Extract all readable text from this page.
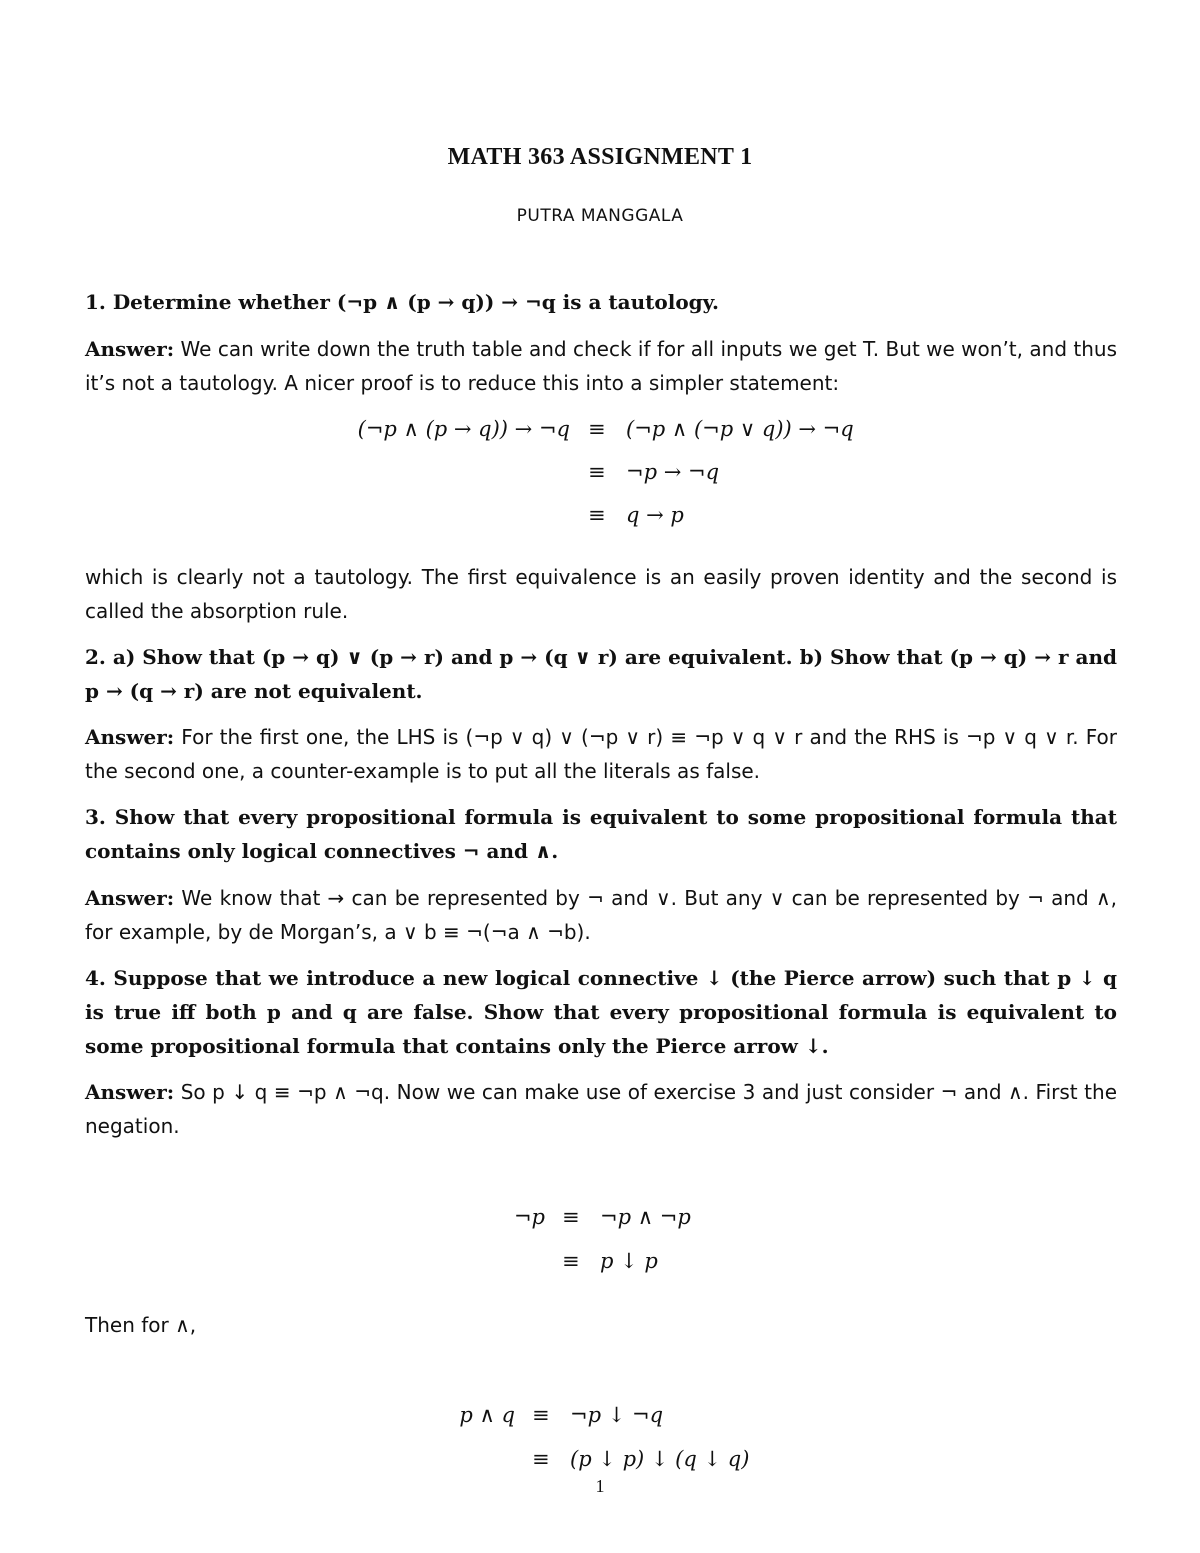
MATH 363 ASSIGNMENT 1
PUTRA MANGGALA
1. Determine whether (¬p ∧ (p → q)) → ¬q is a tautology.
Answer: We can write down the truth table and check if for all inputs we get T. But we won’t, and thus it’s not a tautology. A nicer proof is to reduce this into a simpler statement:
(¬p ∧ (p → q)) → ¬q ≡ (¬p ∧ (¬p ∨ q)) → ¬q
≡ ¬p → ¬q
≡ q → p
which is clearly not a tautology. The first equivalence is an easily proven identity and the second is called the absorption rule.
2. a) Show that (p → q) ∨ (p → r) and p → (q ∨ r) are equivalent. b) Show that (p → q) → r and p → (q → r) are not equivalent.
Answer: For the first one, the LHS is (¬p ∨ q) ∨ (¬p ∨ r) ≡ ¬p ∨ q ∨ r and the RHS is ¬p ∨ q ∨ r. For the second one, a counter-example is to put all the literals as false.
3. Show that every propositional formula is equivalent to some propositional formula that contains only logical connectives ¬ and ∧.
Answer: We know that → can be represented by ¬ and ∨. But any ∨ can be represented by ¬ and ∧, for example, by de Morgan’s, a ∨ b ≡ ¬(¬a ∧ ¬b).
4. Suppose that we introduce a new logical connective ↓ (the Pierce arrow) such that p ↓ q is true iff both p and q are false. Show that every propositional formula is equivalent to some propositional formula that contains only the Pierce arrow ↓.
Answer: So p ↓ q ≡ ¬p ∧ ¬q. Now we can make use of exercise 3 and just consider ¬ and ∧. First the negation.
¬p ≡ ¬p ∧ ¬p
≡ p ↓ p
Then for ∧,
p ∧ q ≡ ¬p ↓ ¬q
≡ (p ↓ p) ↓ (q ↓ q)
1
